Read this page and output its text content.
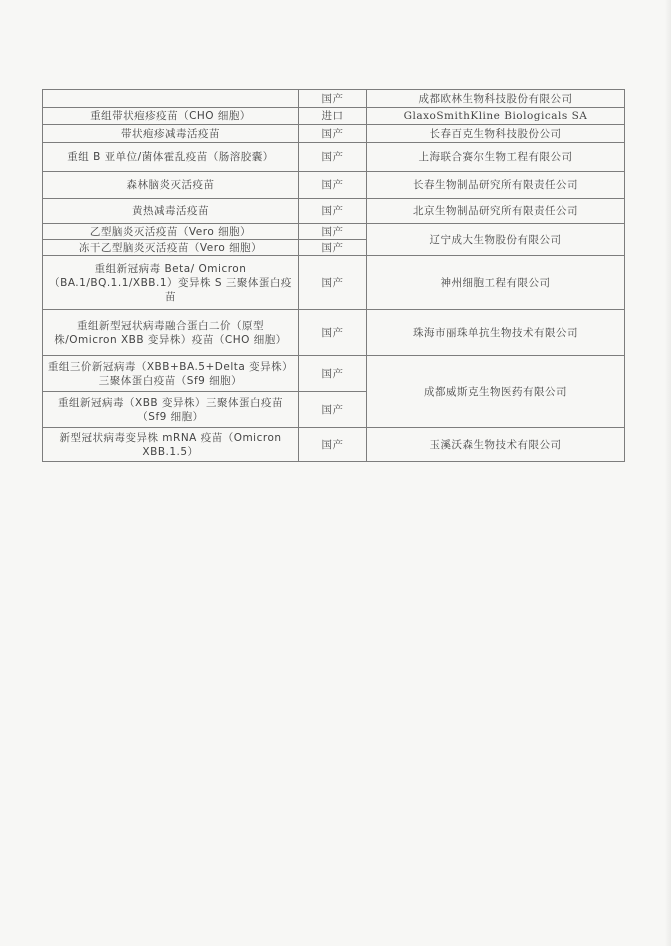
	国产	成都欧林生物科技股份有限公司
重组带状疱疹疫苗（CHO 细胞）	进口	GlaxoSmithKline Biologicals SA
带状疱疹减毒活疫苗	国产	长春百克生物科技股份公司
重组 B 亚单位/菌体霍乱疫苗（肠溶胶囊）	国产	上海联合赛尔生物工程有限公司
森林脑炎灭活疫苗	国产	长春生物制品研究所有限责任公司
黄热减毒活疫苗	国产	北京生物制品研究所有限责任公司
乙型脑炎灭活疫苗（Vero 细胞）	国产	辽宁成大生物股份有限公司
冻干乙型脑炎灭活疫苗（Vero 细胞）	国产	
重组新冠病毒 Beta/ Omicron （BA.1/BQ.1.1/XBB.1）变异株 S 三聚体蛋白疫苗	国产	神州细胞工程有限公司
重组新型冠状病毒融合蛋白二价（原型株/Omicron XBB 变异株）疫苗（CHO 细胞）	国产	珠海市丽珠单抗生物技术有限公司
重组三价新冠病毒（XBB+BA.5+Delta 变异株）三聚体蛋白疫苗（Sf9 细胞）	国产	成都威斯克生物医药有限公司
重组新冠病毒（XBB 变异株）三聚体蛋白疫苗（Sf9 细胞）	国产	
新型冠状病毒变异株 mRNA 疫苗（Omicron XBB.1.5）	国产	玉溪沃森生物技术有限公司
